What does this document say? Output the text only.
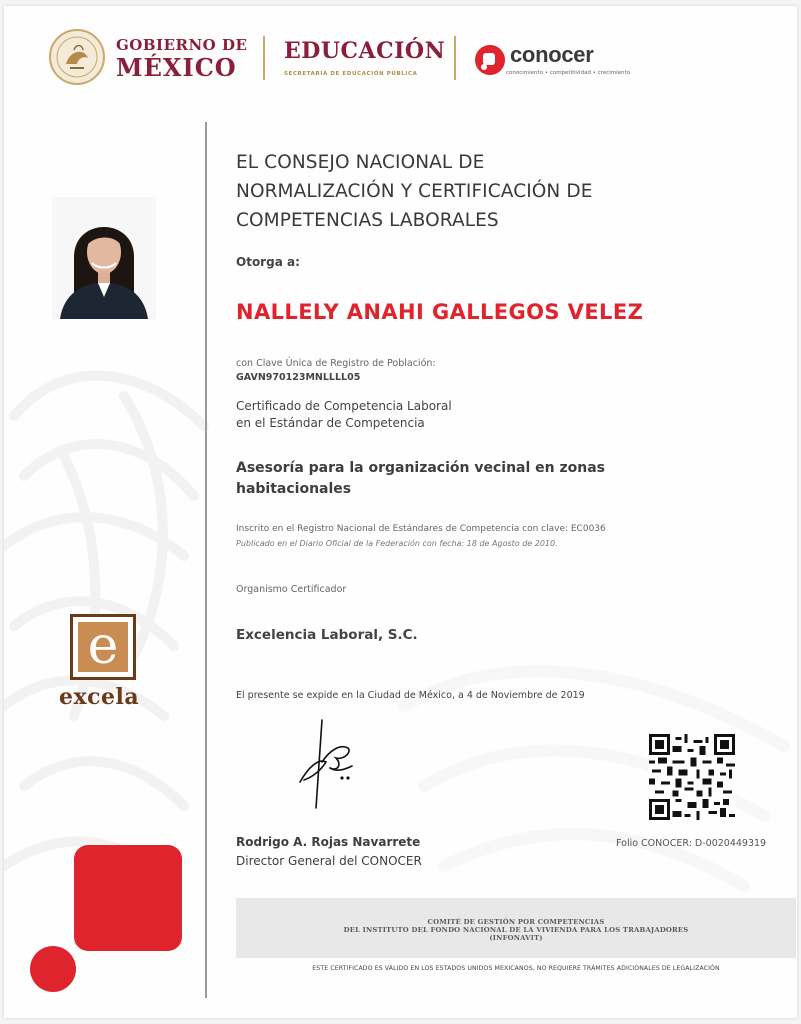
GOBIERNO DE
MÉXICO
EDUCACIÓN
SECRETARÍA DE EDUCACIÓN PÚBLICA
conocer
conocimiento • competitividad • crecimiento
e
excela
EL CONSEJO NACIONAL DE
NORMALIZACIÓN Y CERTIFICACIÓN DE
COMPETENCIAS LABORALES
Otorga a:
NALLELY ANAHI GALLEGOS VELEZ
con Clave Única de Registro de Población:
GAVN970123MNLLLL05
Certificado de Competencia Laboral
en el Estándar de Competencia
Asesoría para la organización vecinal en zonas
habitacionales
Inscrito en el Registro Nacional de Estándares de Competencia con clave: EC0036
Publicado en el Diario Oficial de la Federación con fecha: 18 de Agosto de 2010.
Organismo Certificador
Excelencia Laboral, S.C.
El presente se expide en la Ciudad de México, a 4 de Noviembre de 2019
Rodrigo A. Rojas Navarrete
Director General del CONOCER
Folio CONOCER: D-0020449319
COMITÉ DE GESTIÓN POR COMPETENCIAS
DEL INSTITUTO DEL FONDO NACIONAL DE LA VIVIENDA PARA LOS TRABAJADORES
(INFONAVIT)
ESTE CERTIFICADO ES VÁLIDO EN LOS ESTADOS UNIDOS MEXICANOS, NO REQUIERE TRÁMITES ADICIONALES DE LEGALIZACIÓN
